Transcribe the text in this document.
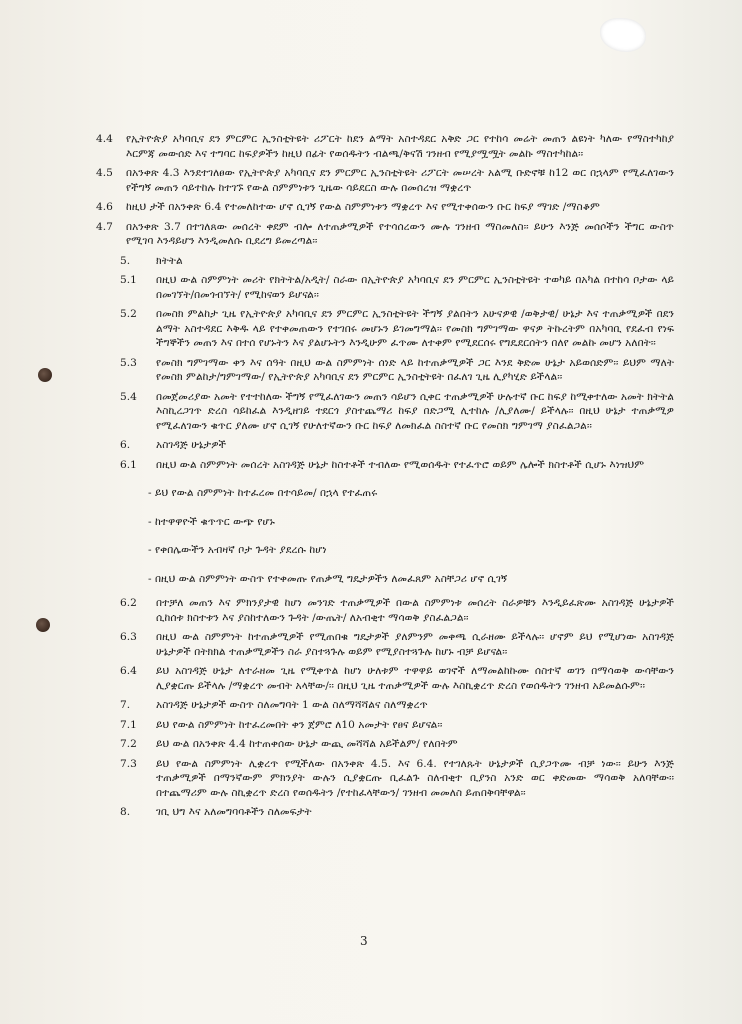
4.4 የኢትዮጵያ አካባቢና ደን ምርምር ኢንስቲትዩት ሪፖርት ከደን ልማት አስተዳደር አቅድ ጋር የተከሳ መሬት መጠን ልዩነት ካለው የማስተካከያ እርምጃ መውሰድ እና ተግባር ከፍያዎችን ከዚህ በፊት የወሰዱትን ብልጫ/ቅናሽ ገንዘብ የሚያሟሟት መልኩ ማስተካከል፡፡
4.5 በአንቀጽ 4.3 እንደተገለፀው የኢትዮጵያ አካባቢና ደን ምርምር ኢንስቲትዩት ሪፖርት መሠረት አልሚ ቡድኖቹ ከ12 ወር በኋላም የሚፈለገውን የችግኝ መጠን ሳይተከሉ ከተገኙ የውል ስምምነቱን ጊዜው ሳይደርስ ውሉ በመሰረዝ ማቋረጥ
4.6 ከዚህ ታች በአንቀጽ 6.4 የተመለከተው ሆኖ ሲገኝ የውል ስምምነቱን ማቋረጥ እና የሚተቀሰውን ቡር ከፍያ ማገድ /ማስቆም
4.7 በአንቀጽ 3.7 በተገለጸው መሰረት ቀደም ብሎ ለተጠቃሚዎች የተሳሰረውን ሙሉ ገንዘብ ማስመለስ፡፡ ይሁን እንጅ መሰሶችን ችግር ውስጥ የሚገባ እንዳይሆን እንዲመለሱ ቢደረግ ይመረጣል፡፡
5. ክትትል
5.1 በዚህ ውል ስምምነት መሪት የክትትል/አዲት/ ስራው በኢትዮጵያ አካባቢና ደን ምርምር ኢንስቲትዩት ተወካይ በአካል በተከሳ ቦታው ላይ በመገኘት/በመጎብኘት/ የሚከናወን ይሆናል፡፡
5.2 በመስክ ምልከታ ጊዜ የኢትዮጵያ አካባቢና ደን ምርምር ኢንስቲትዩት ችግኝ ያልበትን አሁናዎዊ /ወቅታዊ/ ሁኔታ እና ተጠቃሚዎች በደን ልማት አስተዳደር እቅዱ ላይ የተቀመጠውን የተገበሩ መሆኑን ይገመግማል፡፡ የመስክ ግምገማው ዋናዎ ትኩረትም በአካባቢ የደፈብ የነፍ ችግኞችን መጠን እና በተሰ የሆኑትን እና ያልሆኑትን እንዲሁም ፈጥሙ ለተቀም የሚደርሰሩ የግዴደርሰትን በለየ መልኩ መሆን አለበት፡፡
5.3 የመስክ ግምገማው ቀን እና ሰዓት በዚህ ውል ስምምነት ሰነድ ላይ ከተጠቃሚዎች ጋር እንደ ቅድመ ሁኔታ አይወሰድም፡፡ ይህም ማለት የመስክ ምልከታ/ግምገማው/ የኢትዮጵያ አካባቢና ደን ምርምር ኢንስቲትዩት በፈለገ ጊዜ ሊያካሂድ ይችላል፡፡
5.4 በመጀመሪያው አመት የተተከለው ችግኝ የሚፈለገውን መጠን ሳይሆን ሲቀር ተጠቃሚዎች ሁሉተኛ ቡር ከፍያ ከሚቀተለው አመት ክትትል እስኪረጋገጥ ድረስ ሳይከፈል እንዲዘገይ ተደርጎ ያስተጨማሪ ከፍያ በድጋሚ ሊተከሉ /ሊያለሙ/ ይችላሉ፡፡ በዚህ ሁኔታ ተጠቃሚዎ የሚፈለገውን ቁጥር ያለሙ ሆኖ ሲገኝ የሁለተኛውን ቡር ከፍያ ለመክፈል ስስተኛ ቡር የመስክ ግምገማ ያስፈልጋል፡፡
6. አስገዳጅ ሁኔታዎች
6.1 በዚህ ውል ስምምነት መሰረት አስገዳጅ ሁኔታ ከስተቶች ተብለው የሚወሰዱት የተፈጥሮ ወይም ሌሎች ክስተቶች ሲሆኑ እነዝህም
- ይህ የውል ስምምነት ከተፈረመ በተሳይመ/ በኋላ የተፈጠሩ
- ከተዋዋዮች ቁጥጥር ውጭ የሆኑ
- የቀበሌውችን አብዛኛ ቦታ ጉዳት ያደረሱ ከሆነ
- በዚህ ውል ስምምነት ውስጥ የተቀመጡ የጠቃሚ ግዴታዎችን ለመፈጸም አስቸጋሪ ሆኖ ሲገኝ
6.2 በተቻለ መጠን እና ምክንያታዊ ከሆነ መንገድ ተጠቃሚዎች በውል ስምምነቱ መሰረት ስራዎቹን እንዲይፈጽሙ አስገዳጅ ሁኔታዎች ሲከሰቱ ክስተቱን እና ያስከተለውን ጉዳት /ውጤት/ ለአብቂተ ማሳወቅ ያስፈልጋል፡፡
6.3 በዚህ ውል ስምምነት ከተጠቃሚዎች የሚጠበቁ ግዴታዎች ያለምንም መቀጫ ሲራዘሙ ይችላሉ፡፡ ሆኖም ይህ የሚሆነው አስገዳጅ ሁኔታዎች በትክክል ተጠቃሚዎችን ስራ ያስተጓጉሉ ወይም የሚያስተጓጉሉ ከሆኑ ብቻ ይሆናል፡፡
6.4 ይህ አስገዳጅ ሁኔታ ለተራዘመ ጊዜ የሚቀጥል ከሆነ ሁለቱም ተዋዋይ ወገኖች ለማመልከኩሙ ሰስተኛ ወገን በማሳወቅ ውሳቸውን ሊያቋርጡ ይችላሉ /ማቋረጥ መብት አላቸው/፡፡ በዚህ ጊዜ ተጠቃሚዎች ውሉ እስኪቋረጥ ድረስ የወሰዱትን ገንዘብ አይመልሱም፡፡
7. አስገዳጅ ሁኔታዎች ውስጥ ስለመግባት 1 ውል ስለማሻሻልና ስለማቋረጥ
7.1 ይህ የውል ስምምነት ከተፈረመበት ቀን ጀምሮ ለ10 አመታት የፀና ይሆናል፡፡
7.2 ይህ ውል በአንቀጽ 4.4 ከተጠቀሰው ሁኔታ ውጪ መሻሻል አይችልም/ የለበትም
7.3 ይህ የውል ስምምነት ሊቋረጥ የሚችለው በአንቀጽ 4.5. እና 6.4. የተገለጹት ሁኔታዎች ሲያጋጥሙ ብቻ ነው፡፡ ይሁን እንጅ ተጠቃሚዎች በማንኛውም ምክንያት ውሉን ሲያቋርጡ ቢፈልጉ ስለብቂተ ቢያንስ አንድ ወር ቀድመው ማሳወቅ አለባቸው፡፡ በተጨማሪም ውሉ ስኪቋረጥ ድረስ የወሰዱትን /የተከፈላቸውን/ ገንዘብ መመለስ ይጠበቅባቸዋል፡፡
8. ገቢ ህግ እና አለመግባባቶችን ስለመፍታት
3
